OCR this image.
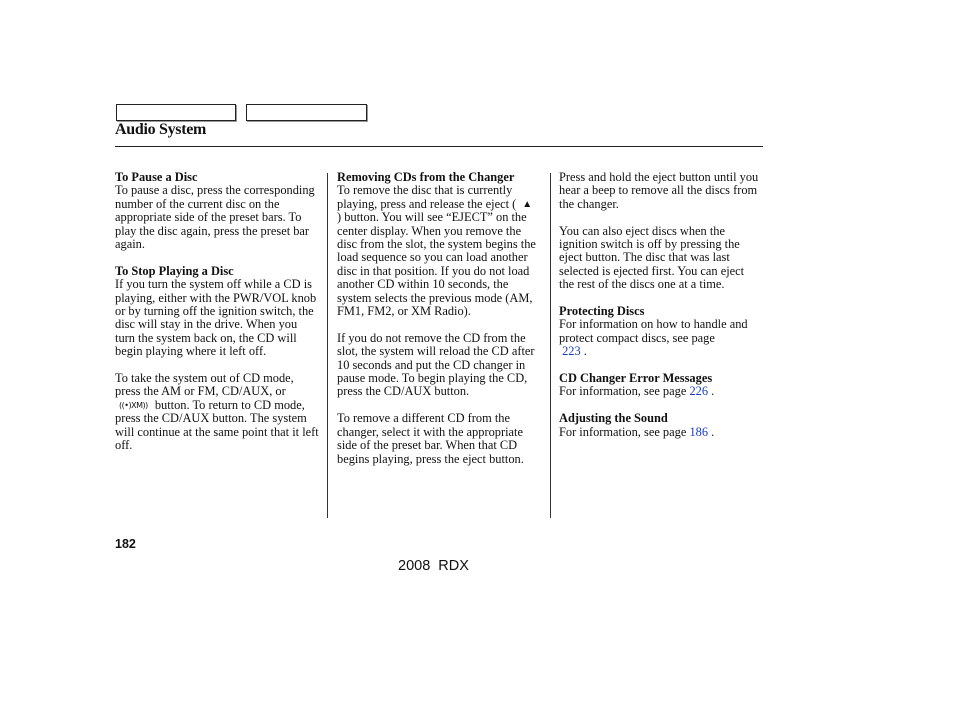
Audio System
To Pause a Disc

To pause a disc, press the corresponding number of the current disc on the appropriate side of the preset bars. To play the disc again, press the preset bar again.

To Stop Playing a Disc

If you turn the system off while a CD is playing, either with the PWR/VOL knob or by turning off the ignition switch, the disc will stay in the drive. When you turn the system back on, the CD will begin playing where it left off.

To take the system out of CD mode, press the AM or FM, CD/AUX, or
((•)XM)) button. To return to CD mode, press the CD/AUX button. The system will continue at the same point that it left off.

Removing CDs from the Changer

To remove the disc that is currently playing, press and release the eject ( ▲) button. You will see “EJECT” on the center display. When you remove the disc from the slot, the system begins the load sequence so you can load another disc in that position. If you do not load another CD within 10 seconds, the system selects the previous mode (AM, FM1, FM2, or XM Radio).

If you do not remove the CD from the slot, the system will reload the CD after 10 seconds and put the CD changer in pause mode. To begin playing the CD, press the CD/AUX button.

To remove a different CD from the changer, select it with the appropriate side of the preset bar. When that CD begins playing, press the eject button.

Press and hold the eject button until you hear a beep to remove all the discs from the changer.

You can also eject discs when the ignition switch is off by pressing the eject button. The disc that was last selected is ejected first. You can eject the rest of the discs one at a time.

Protecting Discs

For information on how to handle and protect compact discs, see page
223 .

CD Changer Error Messages

For information, see page 226 .

Adjusting the Sound

For information, see page 186 .

182
2008 RDX
